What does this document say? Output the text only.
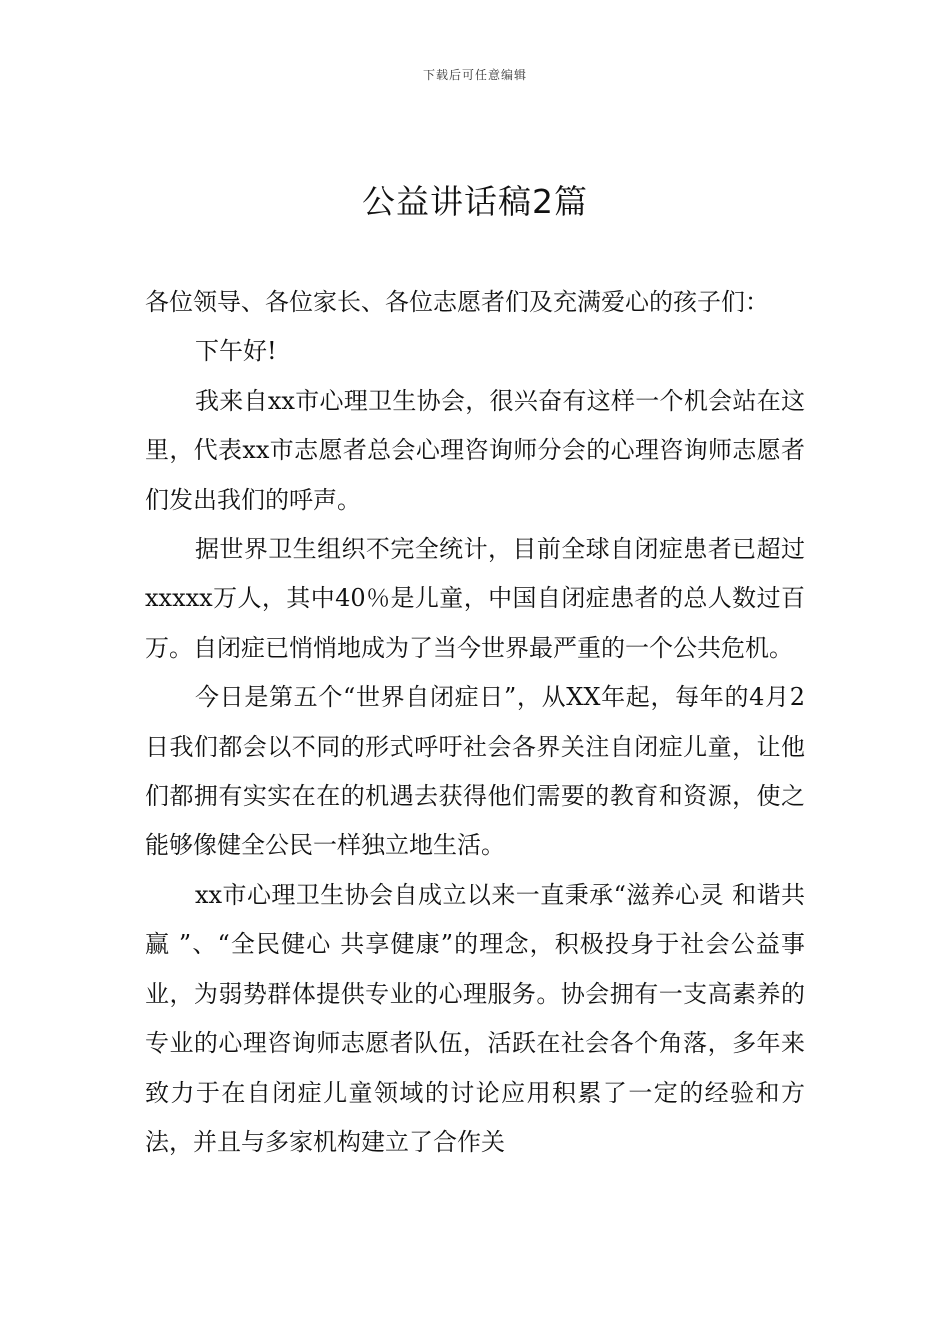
下载后可任意编辑
公益讲话稿2篇

各位领导、各位家长、各位志愿者们及充满爱心的孩子们：

下午好!

我来自xx市心理卫生协会，很兴奋有这样一个机会站在这里，代表xx市志愿者总会心理咨询师分会的心理咨询师志愿者们发出我们的呼声。

据世界卫生组织不完全统计，目前全球自闭症患者已超过xxxxx万人，其中40％是儿童，中国自闭症患者的总人数过百万。自闭症已悄悄地成为了当今世界最严重的一个公共危机。

今日是第五个“世界自闭症日”，从XX年起，每年的4月2日我们都会以不同的形式呼吁社会各界关注自闭症儿童，让他们都拥有实实在在的机遇去获得他们需要的教育和资源，使之能够像健全公民一样独立地生活。

xx市心理卫生协会自成立以来一直秉承“滋养心灵 和谐共赢 ”、“全民健心 共享健康”的理念，积极投身于社会公益事业，为弱势群体提供专业的心理服务。协会拥有一支高素养的专业的心理咨询师志愿者队伍，活跃在社会各个角落，多年来致力于在自闭症儿童领域的讨论应用积累了一定的经验和方法，并且与多家机构建立了合作关
